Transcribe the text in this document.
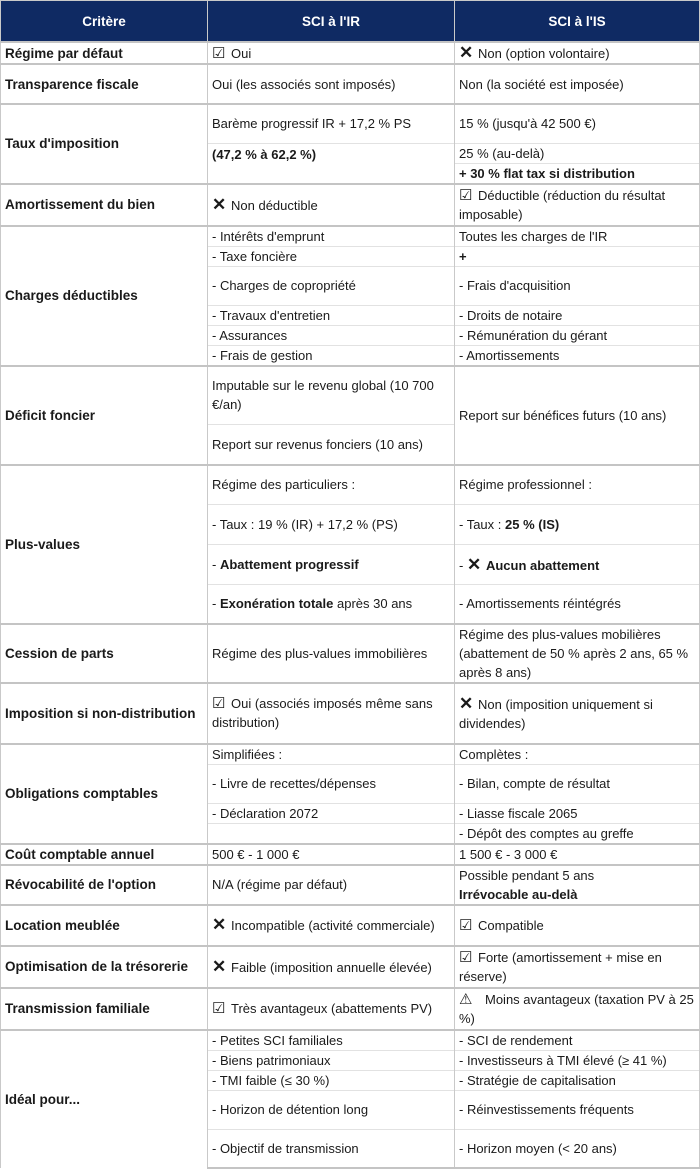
Critère	SCI à l'IR	SCI à l'IS
Régime par défaut	☑ Oui	✕ Non (option volontaire)
Transparence fiscale	Oui (les associés sont imposés)	Non (la société est imposée)
Taux d'imposition	Barème progressif IR + 17,2 % PS	15 % (jusqu'à 42 500 €)
	(47,2 % à 62,2 %)	25 % (au-delà)
		+ 30 % flat tax si distribution
Amortissement du bien	✕ Non déductible	☑ Déductible (réduction du résultat imposable)
Charges déductibles	- Intérêts d'emprunt	Toutes les charges de l'IR
	- Taxe foncière	+
	- Charges de copropriété	- Frais d'acquisition
	- Travaux d'entretien	- Droits de notaire
	- Assurances	- Rémunération du gérant
	- Frais de gestion	- Amortissements
Déficit foncier	Imputable sur le revenu global (10 700 €/an)	Report sur bénéfices futurs (10 ans)
	Report sur revenus fonciers (10 ans)	
Plus-values	Régime des particuliers :	Régime professionnel :
	- Taux : 19 % (IR) + 17,2 % (PS)	- Taux : 25 % (IS)
	- Abattement progressif	- ✕ Aucun abattement
	- Exonération totale après 30 ans	- Amortissements réintégrés
Cession de parts	Régime des plus-values immobilières	Régime des plus-values mobilières (abattement de 50 % après 2 ans, 65 % après 8 ans)
Imposition si non-distribution	☑ Oui (associés imposés même sans distribution)	✕ Non (imposition uniquement si dividendes)
Obligations comptables	Simplifiées :	Complètes :
	- Livre de recettes/dépenses	- Bilan, compte de résultat
	- Déclaration 2072	- Liasse fiscale 2065
		- Dépôt des comptes au greffe
Coût comptable annuel	500 € - 1 000 €	1 500 € - 3 000 €
Révocabilité de l'option	N/A (régime par défaut)	Possible pendant 5 ans
		Irrévocable au-delà
Location meublée	✕ Incompatible (activité commerciale)	☑ Compatible
Optimisation de la trésorerie	✕ Faible (imposition annuelle élevée)	☑ Forte (amortissement + mise en réserve)
Transmission familiale	☑ Très avantageux (abattements PV)	⚠ Moins avantageux (taxation PV à 25 %)
Idéal pour...	- Petites SCI familiales	- SCI de rendement
	- Biens patrimoniaux	- Investisseurs à TMI élevé (≥ 41 %)
	- TMI faible (≤ 30 %)	- Stratégie de capitalisation
	- Horizon de détention long	- Réinvestissements fréquents
	- Objectif de transmission	- Horizon moyen (< 20 ans)
